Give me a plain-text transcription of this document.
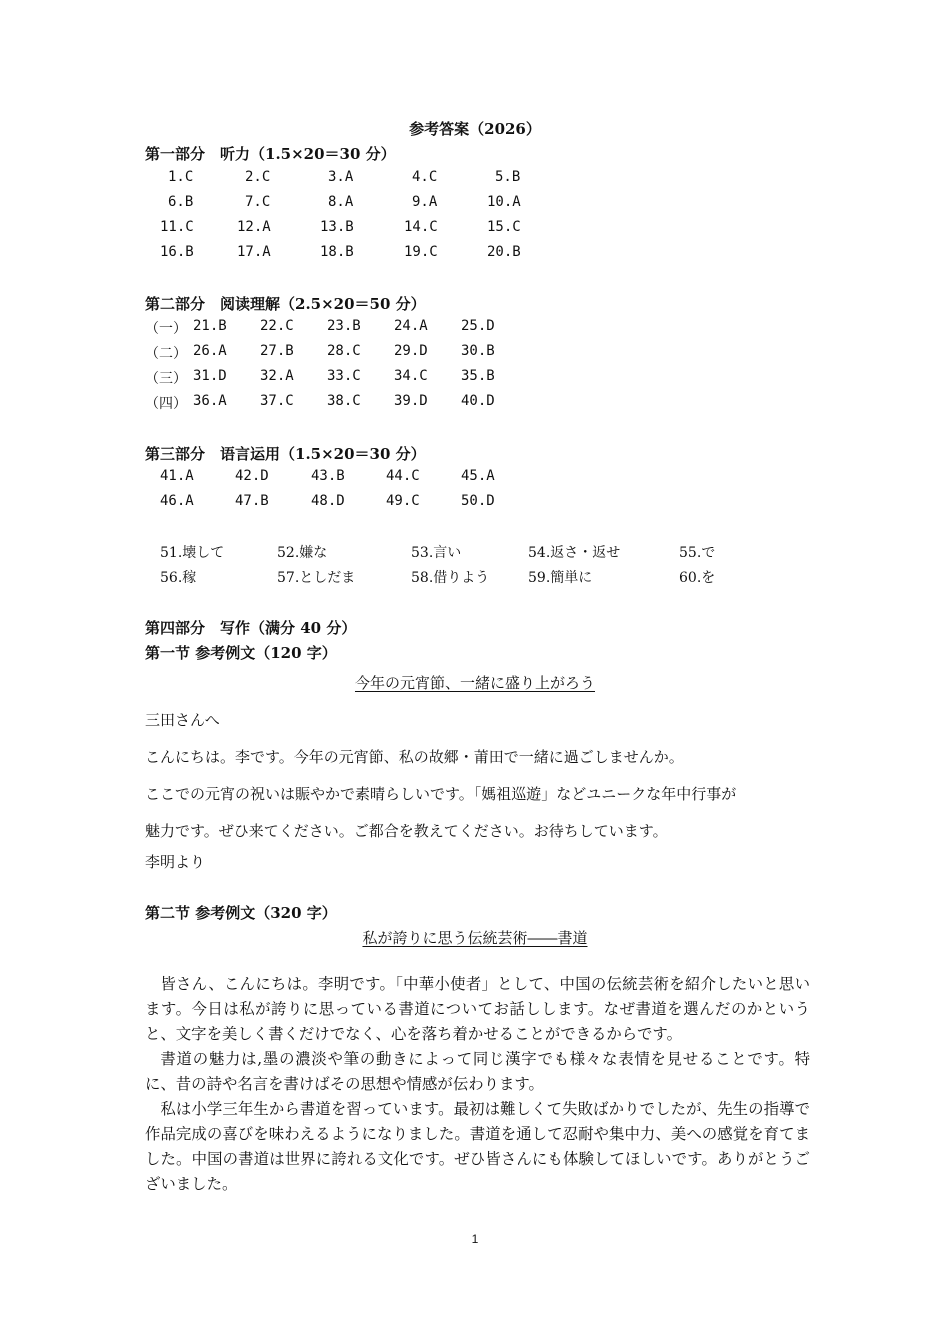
参考答案（2026）
第一部分　听力（1.5×20＝30 分）
1.C	2.C	3.A	4.C	5.B
6.B	7.C	8.A	9.A	10.A
11.C	12.A	13.B	14.C	15.C
16.B	17.A	18.B	19.C	20.B
第二部分　阅读理解（2.5×20＝50 分）
（一） 21.B 22.C 23.B 24.A 25.D
（二） 26.A 27.B 28.C 29.D 30.B
（三） 31.D 32.A 33.C 34.C 35.B
（四） 36.A 37.C 38.C 39.D 40.D
第三部分　语言运用（1.5×20＝30 分）
41.A	42.D	43.B	44.C	45.A
46.A	47.B	48.D	49.C	50.D
51.壊して	52.嫌な	53.言い	54.返さ・返せ	55.で
56.稼	57.としだま	58.借りよう	59.簡単に	60.を
第四部分　写作（满分 40 分）
第一节 参考例文（120 字）
今年の元宵節、一緒に盛り上がろう
三田さんへ
こんにちは。李です。今年の元宵節、私の故郷・莆田で一緒に過ごしませんか。
ここでの元宵の祝いは賑やかで素晴らしいです。「媽祖巡遊」などユニークな年中行事が
魅力です。ぜひ来てください。ご都合を教えてください。お待ちしています。
李明より
第二节 参考例文（320 字）
私が誇りに思う伝統芸術――書道

皆さん、こんにちは。李明です。「中華小使者」として、中国の伝統芸術を紹介したいと思います。今日は私が誇りに思っている書道についてお話しします。なぜ書道を選んだのかというと、文字を美しく書くだけでなく、心を落ち着かせることができるからです。

書道の魅力は,墨の濃淡や筆の動きによって同じ漢字でも様々な表情を見せることです。特に、昔の詩や名言を書けばその思想や情感が伝わります。

私は小学三年生から書道を習っています。最初は難しくて失敗ばかりでしたが、先生の指導で作品完成の喜びを味わえるようになりました。書道を通して忍耐や集中力、美への感覚を育てました。中国の書道は世界に誇れる文化です。ぜひ皆さんにも体験してほしいです。ありがとうございました。

1
